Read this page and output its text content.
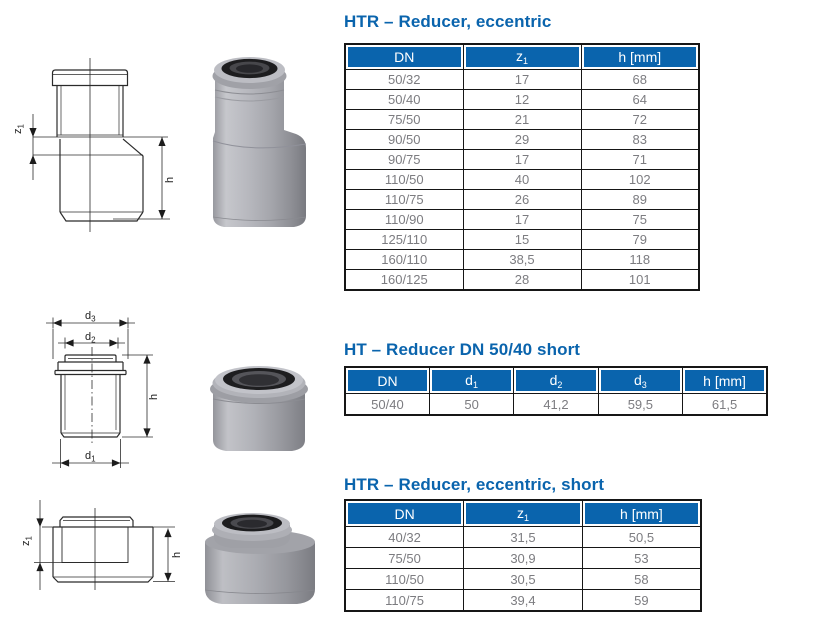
$z_1$
h
HTR – Reducer, eccentric
DN	$z_1$	h [mm]
50/32	17	68
50/40	12	64
75/50	21	72
90/50	29	83
90/75	17	71
110/50	40	102
110/75	26	89
110/90	17	75
125/110	15	79
160/110	38,5	118
160/125	28	101
$d_3$
$d_2$
h
$d_1$
HT – Reducer DN 50/40 short
DN	$d_1$	$d_2$	$d_3$	h [mm]
50/40	50	41,2	59,5	61,5
$z_1$
h
HTR – Reducer, eccentric, short
DN	$z_1$	h [mm]
40/32	31,5	50,5
75/50	30,9	53
110/50	30,5	58
110/75	39,4	59
